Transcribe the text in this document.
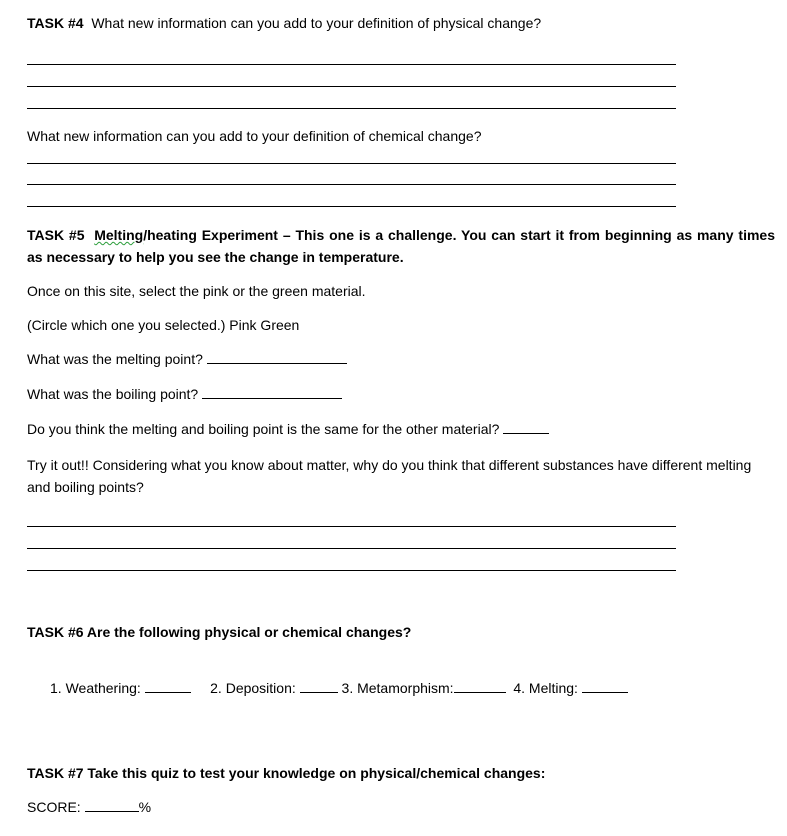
TASK #4 What new information can you add to your definition of physical change?
What new information can you add to your definition of chemical change?
TASK #5 Melting/heating Experiment – This one is a challenge. You can start it from beginning as many times as necessary to help you see the change in temperature.
Once on this site, select the pink or the green material.
(Circle which one you selected.) Pink Green
What was the melting point?
What was the boiling point?
Do you think the melting and boiling point is the same for the other material?
Try it out!! Considering what you know about matter, why do you think that different substances have different melting and boiling points?
TASK #6 Are the following physical or chemical changes?
1. Weathering:	2. Deposition:	3. Metamorphism:	4. Melting:
TASK #7 Take this quiz to test your knowledge on physical/chemical changes:
SCORE:	%
